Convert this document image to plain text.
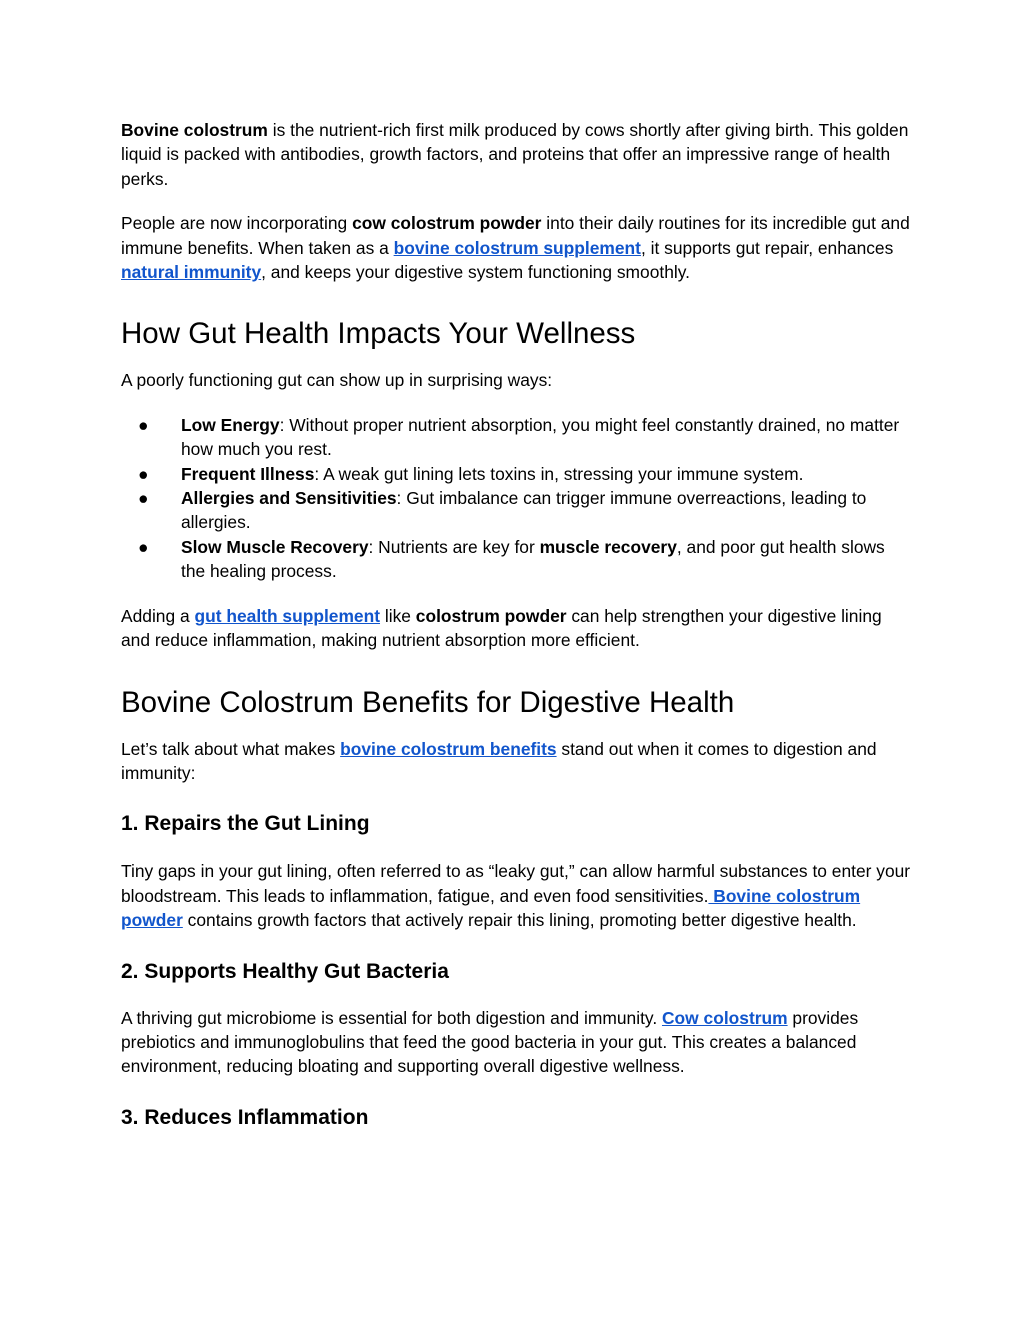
Bovine colostrum is the nutrient-rich first milk produced by cows shortly after giving birth. This golden liquid is packed with antibodies, growth factors, and proteins that offer an impressive range of health perks.

People are now incorporating cow colostrum powder into their daily routines for its incredible gut and immune benefits. When taken as a bovine colostrum supplement, it supports gut repair, enhances natural immunity, and keeps your digestive system functioning smoothly.

How Gut Health Impacts Your Wellness

A poorly functioning gut can show up in surprising ways:

● Low Energy: Without proper nutrient absorption, you might feel constantly drained, no matter how much you rest.
● Frequent Illness: A weak gut lining lets toxins in, stressing your immune system.
● Allergies and Sensitivities: Gut imbalance can trigger immune overreactions, leading to allergies.
● Slow Muscle Recovery: Nutrients are key for muscle recovery, and poor gut health slows the healing process.

Adding a gut health supplement like colostrum powder can help strengthen your digestive lining and reduce inflammation, making nutrient absorption more efficient.

Bovine Colostrum Benefits for Digestive Health

Let’s talk about what makes bovine colostrum benefits stand out when it comes to digestion and immunity:

1. Repairs the Gut Lining

Tiny gaps in your gut lining, often referred to as “leaky gut,” can allow harmful substances to enter your bloodstream. This leads to inflammation, fatigue, and even food sensitivities. Bovine colostrum powder contains growth factors that actively repair this lining, promoting better digestive health.

2. Supports Healthy Gut Bacteria

A thriving gut microbiome is essential for both digestion and immunity. Cow colostrum provides prebiotics and immunoglobulins that feed the good bacteria in your gut. This creates a balanced environment, reducing bloating and supporting overall digestive wellness.

3. Reduces Inflammation
